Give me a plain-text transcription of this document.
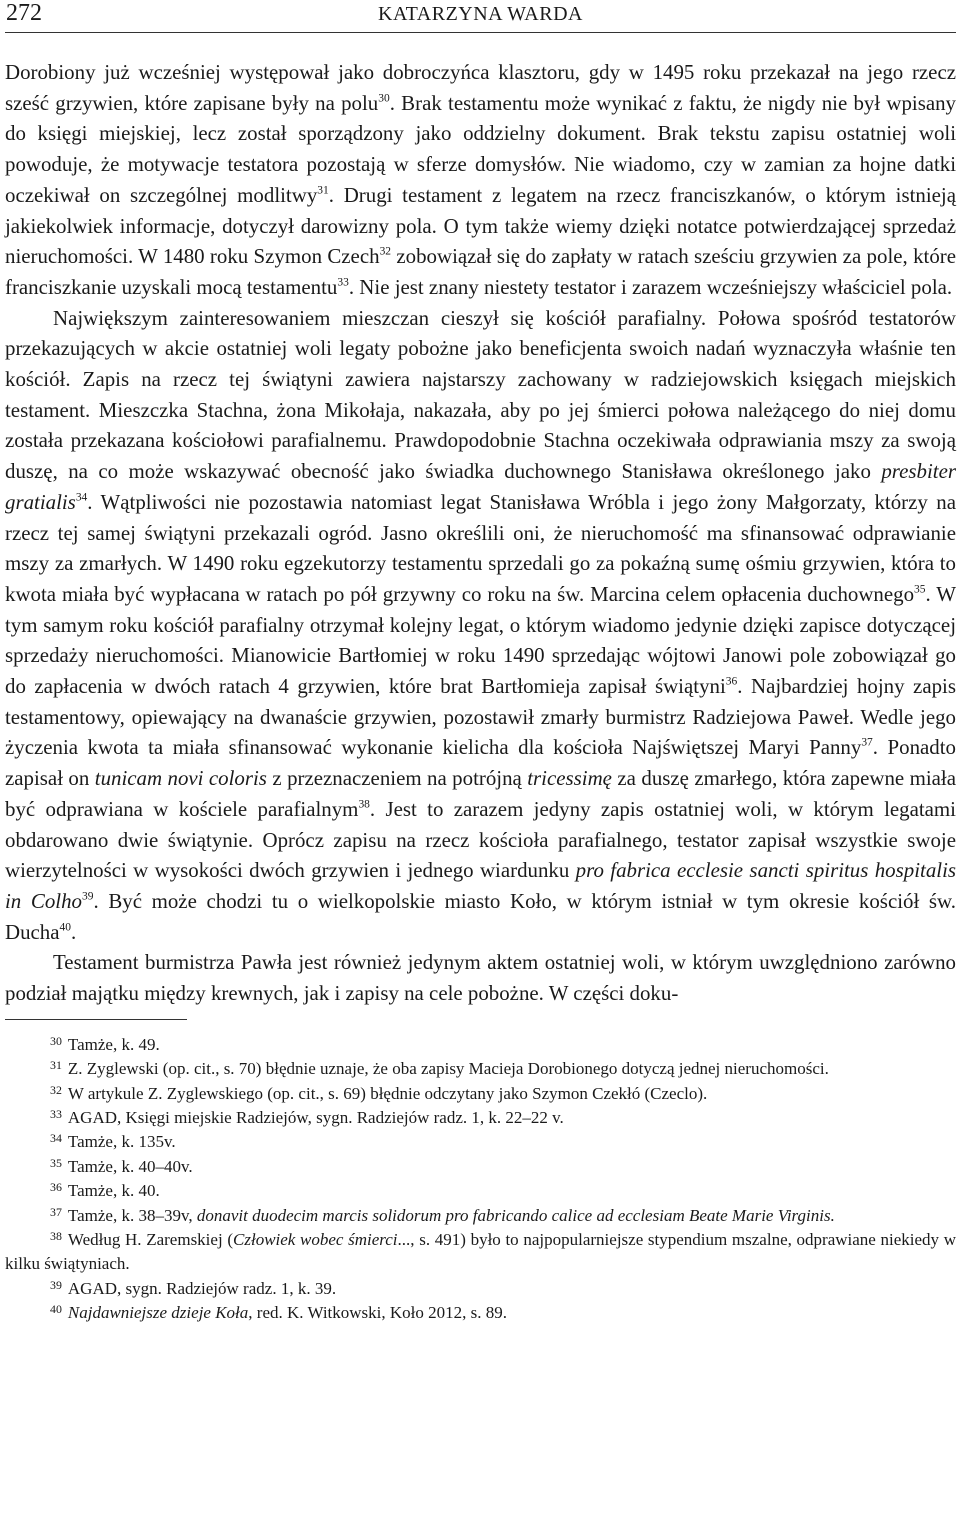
272	KATARZYNA WARDA

Dorobiony już wcześniej występował jako dobroczyńca klasztoru, gdy w 1495 roku przekazał na jego rzecz sześć grzywien, które zapisane były na polu$^{30}$. Brak testamentu może wynikać z faktu, że nigdy nie był wpisany do księgi miejskiej, lecz został sporządzony jako oddzielny dokument. Brak tekstu zapisu ostatniej woli powoduje, że motywacje testatora pozostają w sferze domysłów. Nie wiadomo, czy w zamian za hojne datki oczekiwał on szczególnej modlitwy$^{31}$. Drugi testament z legatem na rzecz franciszkanów, o którym istnieją jakiekolwiek informacje, dotyczył darowizny pola. O tym także wiemy dzięki notatce potwierdzającej sprzedaż nieruchomości. W 1480 roku Szymon Czech$^{32}$ zobowiązał się do zapłaty w ratach sześciu grzywien za pole, które franciszkanie uzyskali mocą testamentu$^{33}$. Nie jest znany niestety testator i zarazem wcześniejszy właściciel pola.

Największym zainteresowaniem mieszczan cieszył się kościół parafialny. Połowa spośród testatorów przekazujących w akcie ostatniej woli legaty pobożne jako beneficjenta swoich nadań wyznaczyła właśnie ten kościół. Zapis na rzecz tej świątyni zawiera najstarszy zachowany w radziejowskich księgach miejskich testament. Mieszczka Stachna, żona Mikołaja, nakazała, aby po jej śmierci połowa należącego do niej domu została przekazana kościołowi parafialnemu. Prawdopodobnie Stachna oczekiwała odprawiania mszy za swoją duszę, na co może wskazywać obecność jako świadka duchownego Stanisława określonego jako presbiter gratialis$^{34}$. Wątpliwości nie pozostawia natomiast legat Stanisława Wróbla i jego żony Małgorzaty, którzy na rzecz tej samej świątyni przekazali ogród. Jasno określili oni, że nieruchomość ma sfinansować odprawianie mszy za zmarłych. W 1490 roku egzekutorzy testamentu sprzedali go za pokaźną sumę ośmiu grzywien, która to kwota miała być wypłacana w ratach po pół grzywny co roku na św. Marcina celem opłacenia duchownego$^{35}$. W tym samym roku kościół parafialny otrzymał kolejny legat, o którym wiadomo jedynie dzięki zapisce dotyczącej sprzedaży nieruchomości. Mianowicie Bartłomiej w roku 1490 sprzedając wójtowi Janowi pole zobowiązał go do zapłacenia w dwóch ratach 4 grzywien, które brat Bartłomieja zapisał świątyni$^{36}$. Najbardziej hojny zapis testamentowy, opiewający na dwanaście grzywien, pozostawił zmarły burmistrz Radziejowa Paweł. Wedle jego życzenia kwota ta miała sfinansować wykonanie kielicha dla kościoła Najświętszej Maryi Panny$^{37}$. Ponadto zapisał on tunicam novi coloris z przeznaczeniem na potrójną tricessimę za duszę zmarłego, która zapewne miała być odprawiana w kościele parafialnym$^{38}$. Jest to zarazem jedyny zapis ostatniej woli, w którym legatami obdarowano dwie świątynie. Oprócz zapisu na rzecz kościoła parafialnego, testator zapisał wszystkie swoje wierzytelności w wysokości dwóch grzywien i jednego wiardunku pro fabrica ecclesie sancti spiritus hospitalis in Colho$^{39}$. Być może chodzi tu o wielkopolskie miasto Koło, w którym istniał w tym okresie kościół św. Ducha$^{40}$.

Testament burmistrza Pawła jest również jedynym aktem ostatniej woli, w którym uwzględniono zarówno podział majątku między krewnych, jak i zapisy na cele pobożne. W części doku-

$^{30}$ Tamże, k. 49.

$^{31}$ Z. Zyglewski (op. cit., s. 70) błędnie uznaje, że oba zapisy Macieja Dorobionego dotyczą jednej nieruchomości.

$^{32}$ W artykule Z. Zyglewskiego (op. cit., s. 69) błędnie odczytany jako Szymon Czekłó (Czeclo).

$^{33}$ AGAD, Księgi miejskie Radziejów, sygn. Radziejów radz. 1, k. 22–22 v.

$^{34}$ Tamże, k. 135v.

$^{35}$ Tamże, k. 40–40v.

$^{36}$ Tamże, k. 40.

$^{37}$ Tamże, k. 38–39v, donavit duodecim marcis solidorum pro fabricando calice ad ecclesiam Beate Marie Virginis.

$^{38}$ Według H. Zaremskiej (Człowiek wobec śmierci..., s. 491) było to najpopularniejsze stypendium mszalne, odprawiane niekiedy w kilku świątyniach.

$^{39}$ AGAD, sygn. Radziejów radz. 1, k. 39.

$^{40}$ Najdawniejsze dzieje Koła, red. K. Witkowski, Koło 2012, s. 89.
